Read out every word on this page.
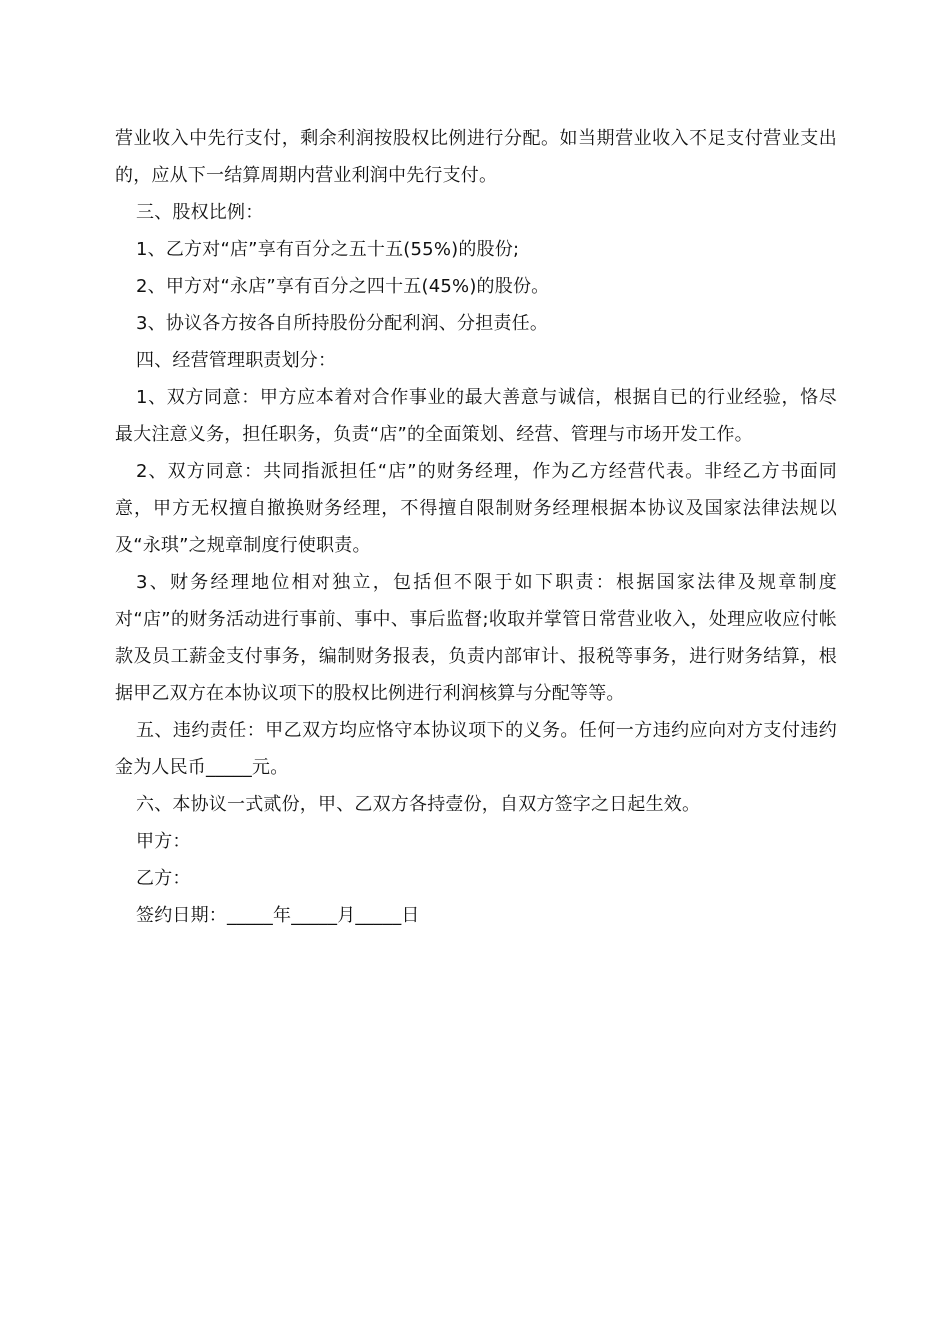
营业收入中先行支付，剩余利润按股权比例进行分配。如当期营业收入不足支付营业支出的，应从下一结算周期内营业利润中先行支付。

三、股权比例：

1、乙方对“店”享有百分之五十五(55%)的股份;

2、甲方对“永店”享有百分之四十五(45%)的股份。

3、协议各方按各自所持股份分配利润、分担责任。

四、经营管理职责划分：

1、双方同意：甲方应本着对合作事业的最大善意与诚信，根据自已的行业经验，恪尽最大注意义务，担任职务，负责“店”的全面策划、经营、管理与市场开发工作。

2、双方同意：共同指派担任“店”的财务经理，作为乙方经营代表。非经乙方书面同意，甲方无权擅自撤换财务经理，不得擅自限制财务经理根据本协议及国家法律法规以及“永琪”之规章制度行使职责。

3、财务经理地位相对独立，包括但不限于如下职责：根据国家法律及规章制度对“店”的财务活动进行事前、事中、事后监督;收取并掌管日常营业收入，处理应收应付帐款及员工薪金支付事务，编制财务报表，负责内部审计、报税等事务，进行财务结算，根据甲乙双方在本协议项下的股权比例进行利润核算与分配等等。

五、违约责任：甲乙双方均应恪守本协议项下的义务。任何一方违约应向对方支付违约金为人民币_____元。

六、本协议一式贰份，甲、乙双方各持壹份，自双方签字之日起生效。

甲方：

乙方：

签约日期：_____年_____月_____日
